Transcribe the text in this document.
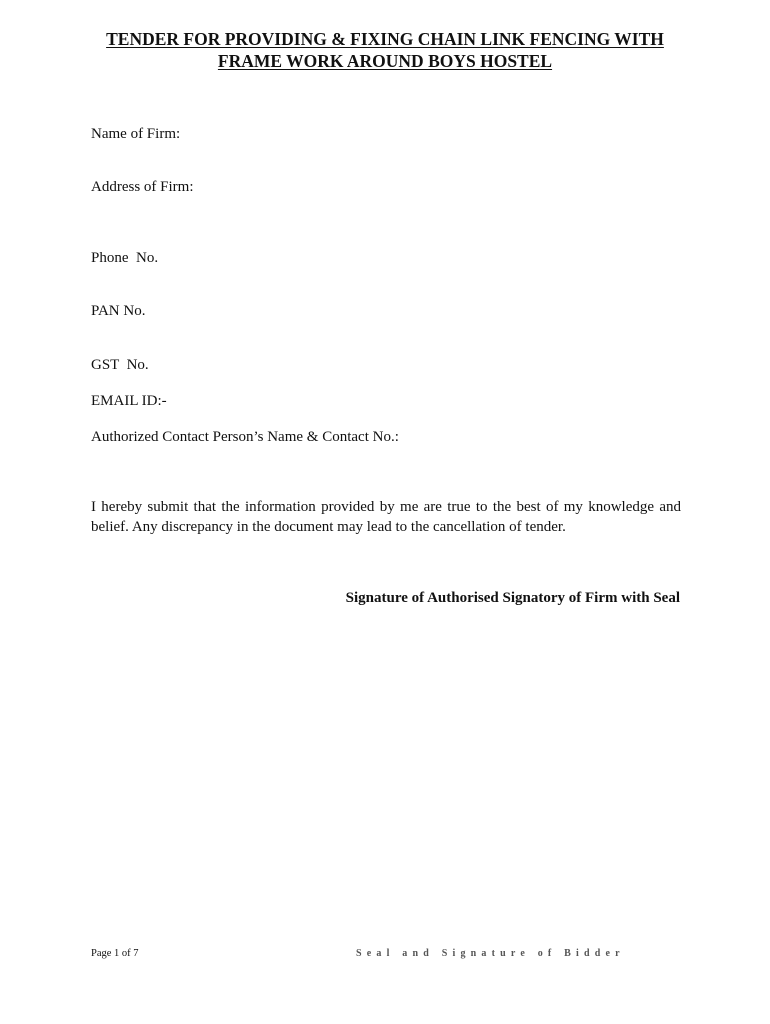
TENDER FOR PROVIDING & FIXING CHAIN LINK FENCING WITH
FRAME WORK AROUND BOYS HOSTEL
Name of Firm:
Address of Firm:
Phone  No.
PAN No.
GST  No.
EMAIL ID:-
Authorized Contact Person’s Name & Contact No.:
I hereby submit that the information provided by me are true to the best of my knowledge and belief. Any discrepancy in the document may lead to the cancellation of tender.
Signature of Authorised Signatory of Firm with Seal
Page 1 of 7	Seal and Signature of Bidder
